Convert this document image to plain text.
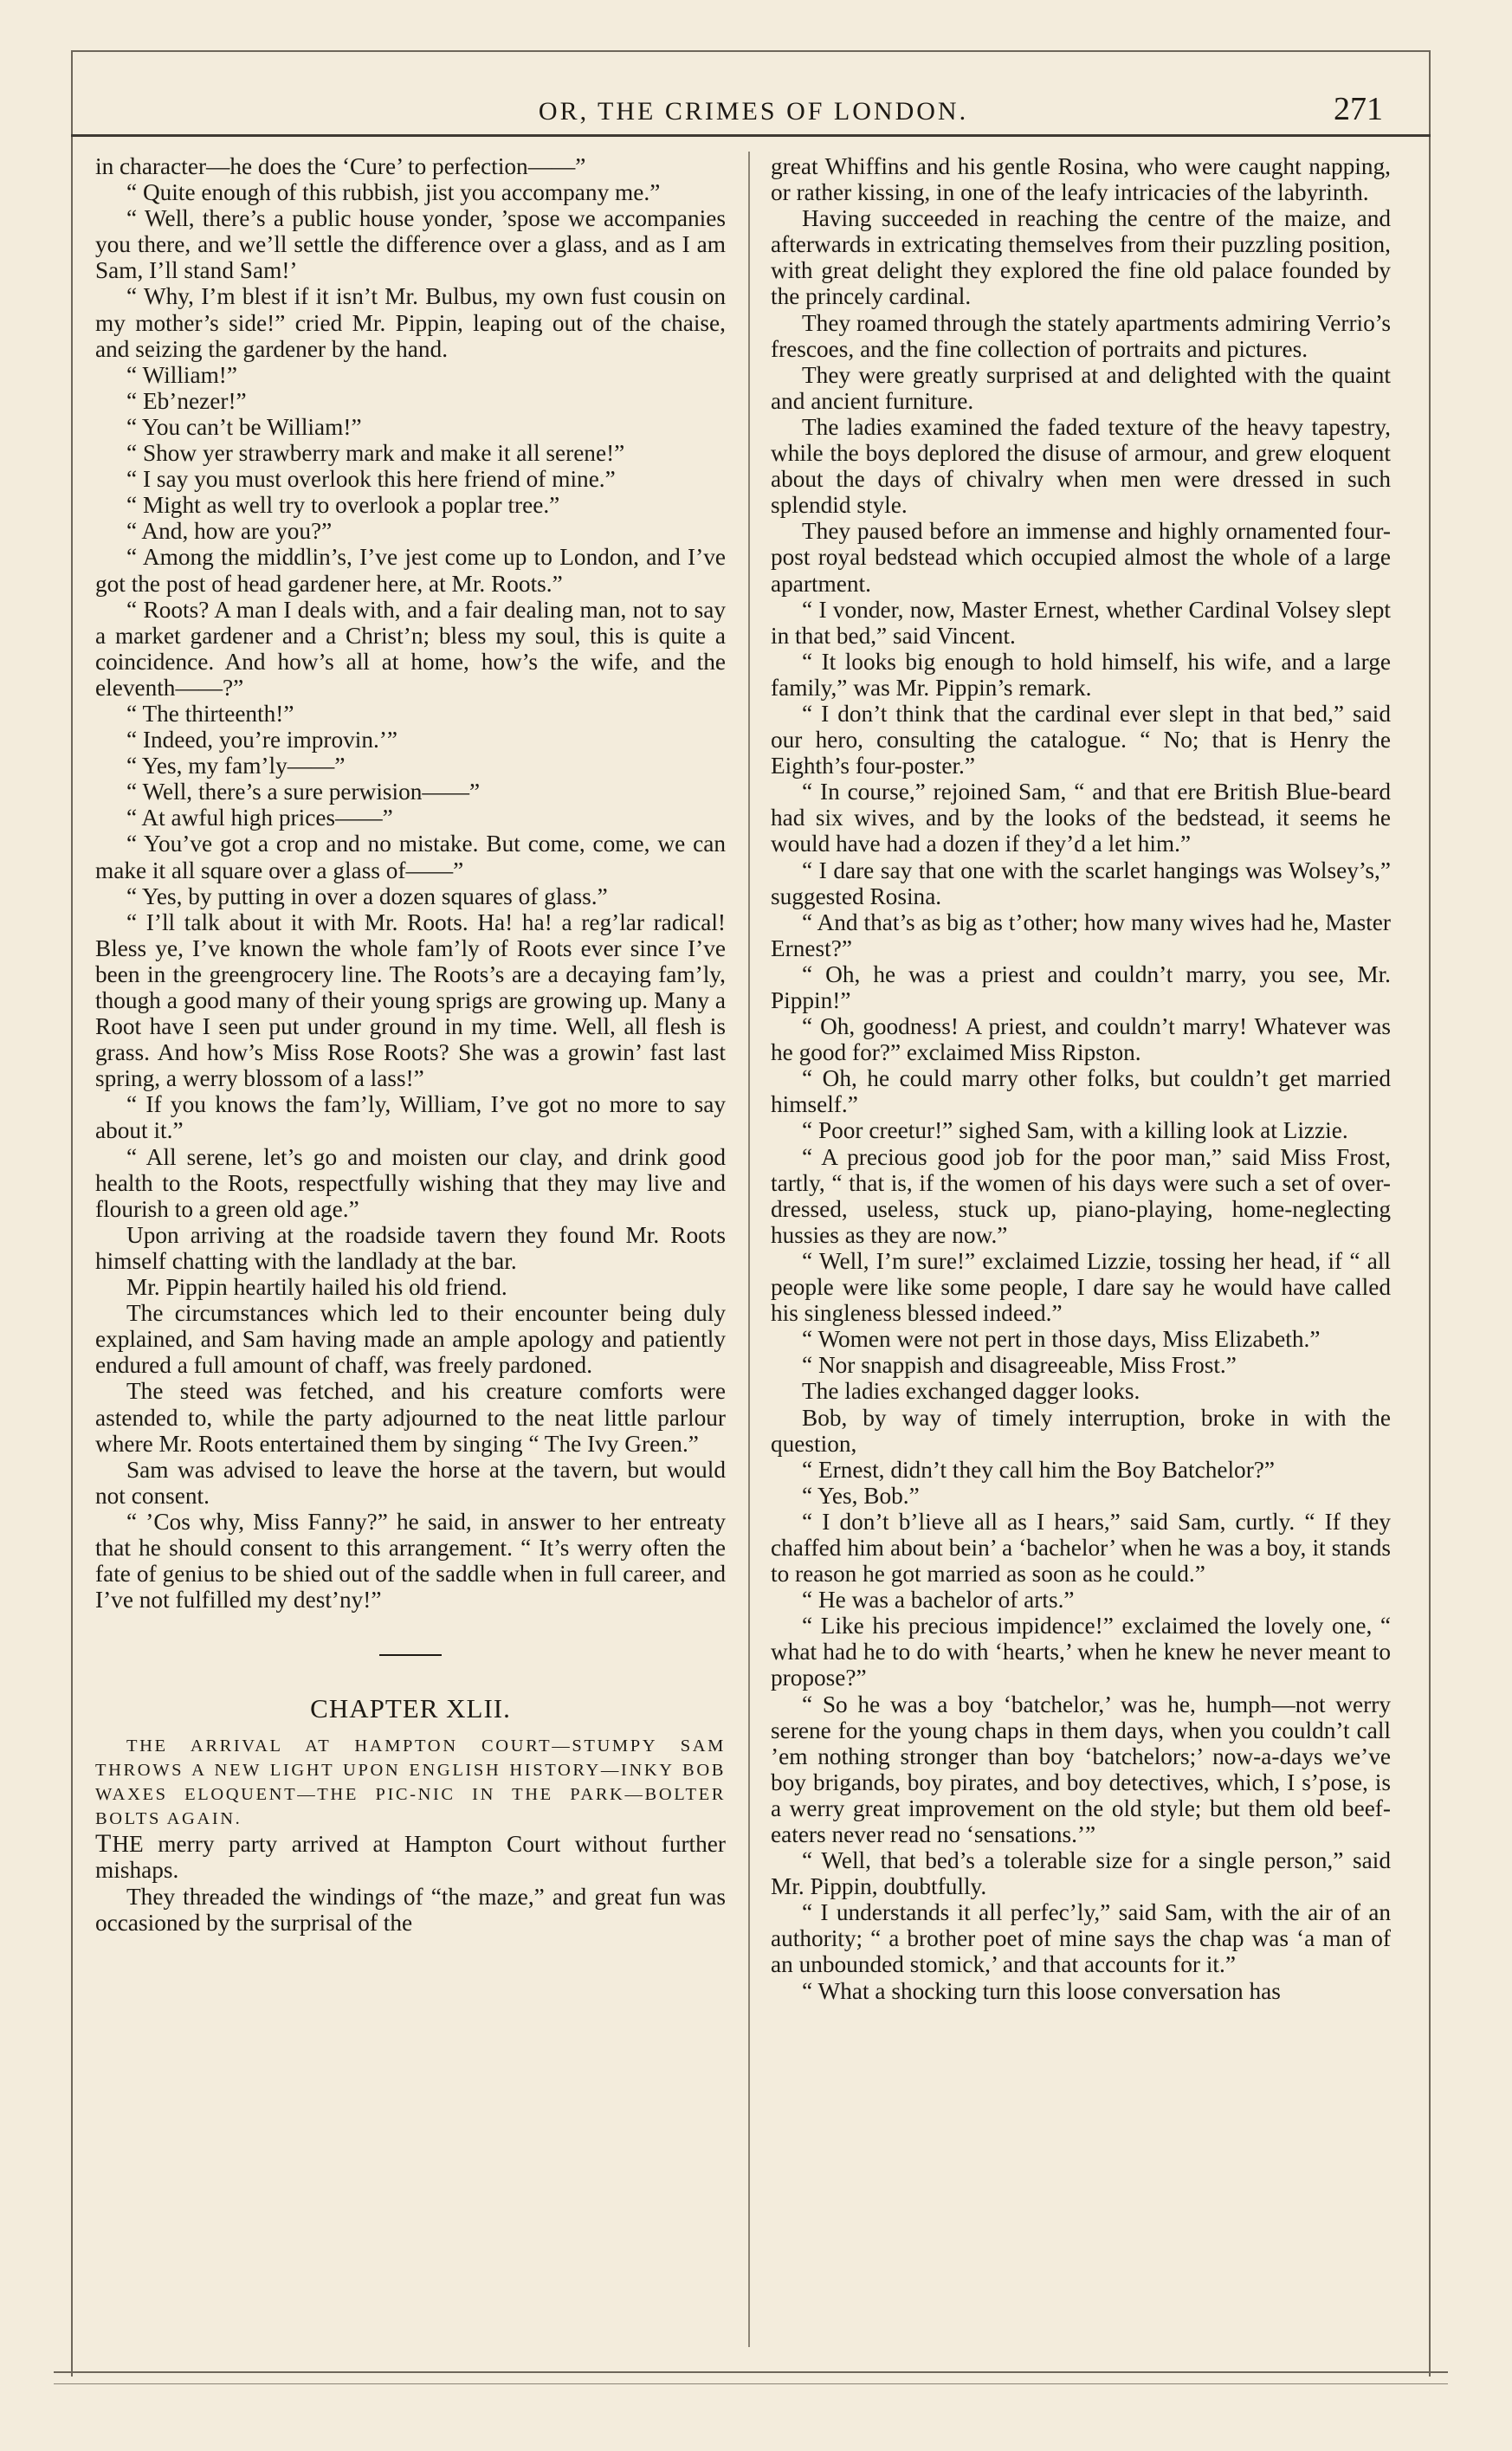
OR, THE CRIMES OF LONDON.	271

in character—he does the ‘Cure’ to perfection——”

“ Quite enough of this rubbish, jist you accompany me.”

“ Well, there’s a public house yonder, ’spose we accompanies you there, and we’ll settle the difference over a glass, and as I am Sam, I’ll stand Sam!’

“ Why, I’m blest if it isn’t Mr. Bulbus, my own fust cousin on my mother’s side!” cried Mr. Pippin, leaping out of the chaise, and seizing the gardener by the hand.

“ William!”

“ Eb’nezer!”

“ You can’t be William!”

“ Show yer strawberry mark and make it all serene!”

“ I say you must overlook this here friend of mine.”

“ Might as well try to overlook a poplar tree.”

“ And, how are you?”

“ Among the middlin’s, I’ve jest come up to London, and I’ve got the post of head gardener here, at Mr. Roots.”

“ Roots? A man I deals with, and a fair dealing man, not to say a market gardener and a Christ’n; bless my soul, this is quite a coincidence. And how’s all at home, how’s the wife, and the eleventh——?”

“ The thirteenth!”

“ Indeed, you’re improvin.’”

“ Yes, my fam’ly——”

“ Well, there’s a sure perwision——”

“ At awful high prices——”

“ You’ve got a crop and no mistake. But come, come, we can make it all square over a glass of——”

“ Yes, by putting in over a dozen squares of glass.”

“ I’ll talk about it with Mr. Roots. Ha! ha! a reg’lar radical! Bless ye, I’ve known the whole fam’ly of Roots ever since I’ve been in the greengrocery line. The Roots’s are a decaying fam’ly, though a good many of their young sprigs are growing up. Many a Root have I seen put under ground in my time. Well, all flesh is grass. And how’s Miss Rose Roots? She was a growin’ fast last spring, a werry blossom of a lass!”

“ If you knows the fam’ly, William, I’ve got no more to say about it.”

“ All serene, let’s go and moisten our clay, and drink good health to the Roots, respectfully wishing that they may live and flourish to a green old age.”

Upon arriving at the roadside tavern they found Mr. Roots himself chatting with the landlady at the bar.

Mr. Pippin heartily hailed his old friend.

The circumstances which led to their encounter being duly explained, and Sam having made an ample apology and patiently endured a full amount of chaff, was freely pardoned.

The steed was fetched, and his creature comforts were astended to, while the party adjourned to the neat little parlour where Mr. Roots entertained them by singing “ The Ivy Green.”

Sam was advised to leave the horse at the tavern, but would not consent.

“ ’Cos why, Miss Fanny?” he said, in answer to her entreaty that he should consent to this arrangement. “ It’s werry often the fate of genius to be shied out of the saddle when in full career, and I’ve not fulfilled my dest’ny!”

CHAPTER XLII.

THE ARRIVAL AT HAMPTON COURT—STUMPY SAM THROWS A NEW LIGHT UPON ENGLISH HISTORY—INKY BOB WAXES ELOQUENT—THE PIC-NIC IN THE PARK—BOLTER BOLTS AGAIN.

THE merry party arrived at Hampton Court without further mishaps.

They threaded the windings of “the maze,” and great fun was occasioned by the surprisal of the

great Whiffins and his gentle Rosina, who were caught napping, or rather kissing, in one of the leafy intricacies of the labyrinth.

Having succeeded in reaching the centre of the maize, and afterwards in extricating themselves from their puzzling position, with great delight they explored the fine old palace founded by the princely cardinal.

They roamed through the stately apartments admiring Verrio’s frescoes, and the fine collection of portraits and pictures.

They were greatly surprised at and delighted with the quaint and ancient furniture.

The ladies examined the faded texture of the heavy tapestry, while the boys deplored the disuse of armour, and grew eloquent about the days of chivalry when men were dressed in such splendid style.

They paused before an immense and highly ornamented four-post royal bedstead which occupied almost the whole of a large apartment.

“ I vonder, now, Master Ernest, whether Cardinal Volsey slept in that bed,” said Vincent.

“ It looks big enough to hold himself, his wife, and a large family,” was Mr. Pippin’s remark.

“ I don’t think that the cardinal ever slept in that bed,” said our hero, consulting the catalogue. “ No; that is Henry the Eighth’s four-poster.”

“ In course,” rejoined Sam, “ and that ere British Blue-beard had six wives, and by the looks of the bedstead, it seems he would have had a dozen if they’d a let him.”

“ I dare say that one with the scarlet hangings was Wolsey’s,” suggested Rosina.

“ And that’s as big as t’other; how many wives had he, Master Ernest?”

“ Oh, he was a priest and couldn’t marry, you see, Mr. Pippin!”

“ Oh, goodness! A priest, and couldn’t marry! Whatever was he good for?” exclaimed Miss Ripston.

“ Oh, he could marry other folks, but couldn’t get married himself.”

“ Poor creetur!” sighed Sam, with a killing look at Lizzie.

“ A precious good job for the poor man,” said Miss Frost, tartly, “ that is, if the women of his days were such a set of over-dressed, useless, stuck up, piano-playing, home-neglecting hussies as they are now.”

“ Well, I’m sure!” exclaimed Lizzie, tossing her head, if “ all people were like some people, I dare say he would have called his singleness blessed indeed.”

“ Women were not pert in those days, Miss Elizabeth.”

“ Nor snappish and disagreeable, Miss Frost.”

The ladies exchanged dagger looks.

Bob, by way of timely interruption, broke in with the question,

“ Ernest, didn’t they call him the Boy Batchelor?”

“ Yes, Bob.”

“ I don’t b’lieve all as I hears,” said Sam, curtly. “ If they chaffed him about bein’ a ‘bachelor’ when he was a boy, it stands to reason he got married as soon as he could.”

“ He was a bachelor of arts.”

“ Like his precious impidence!” exclaimed the lovely one, “ what had he to do with ‘hearts,’ when he knew he never meant to propose?”

“ So he was a boy ‘batchelor,’ was he, humph—not werry serene for the young chaps in them days, when you couldn’t call ’em nothing stronger than boy ‘batchelors;’ now-a-days we’ve boy brigands, boy pirates, and boy detectives, which, I s’pose, is a werry great improvement on the old style; but them old beef-eaters never read no ‘sensations.’”

“ Well, that bed’s a tolerable size for a single person,” said Mr. Pippin, doubtfully.

“ I understands it all perfec’ly,” said Sam, with the air of an authority; “ a brother poet of mine says the chap was ‘a man of an unbounded stomick,’ and that accounts for it.”

“ What a shocking turn this loose conversation has
